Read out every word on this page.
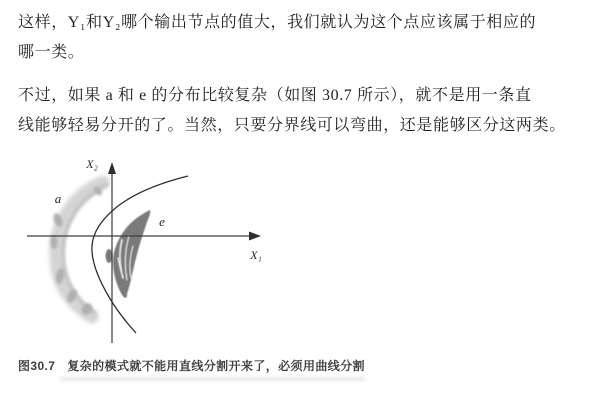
这样，Y₁和Y₂哪个输出节点的值大，我们就认为这个点应该属于相应的
哪一类。
不过，如果 a 和 e 的分布比较复杂（如图 30.7 所示），就不是用一条直
线能够轻易分开的了。当然，只要分界线可以弯曲，还是能够区分这两类。
X₂
X₁
a
e
图30.7 复杂的模式就不能用直线分割开来了，必须用曲线分割
